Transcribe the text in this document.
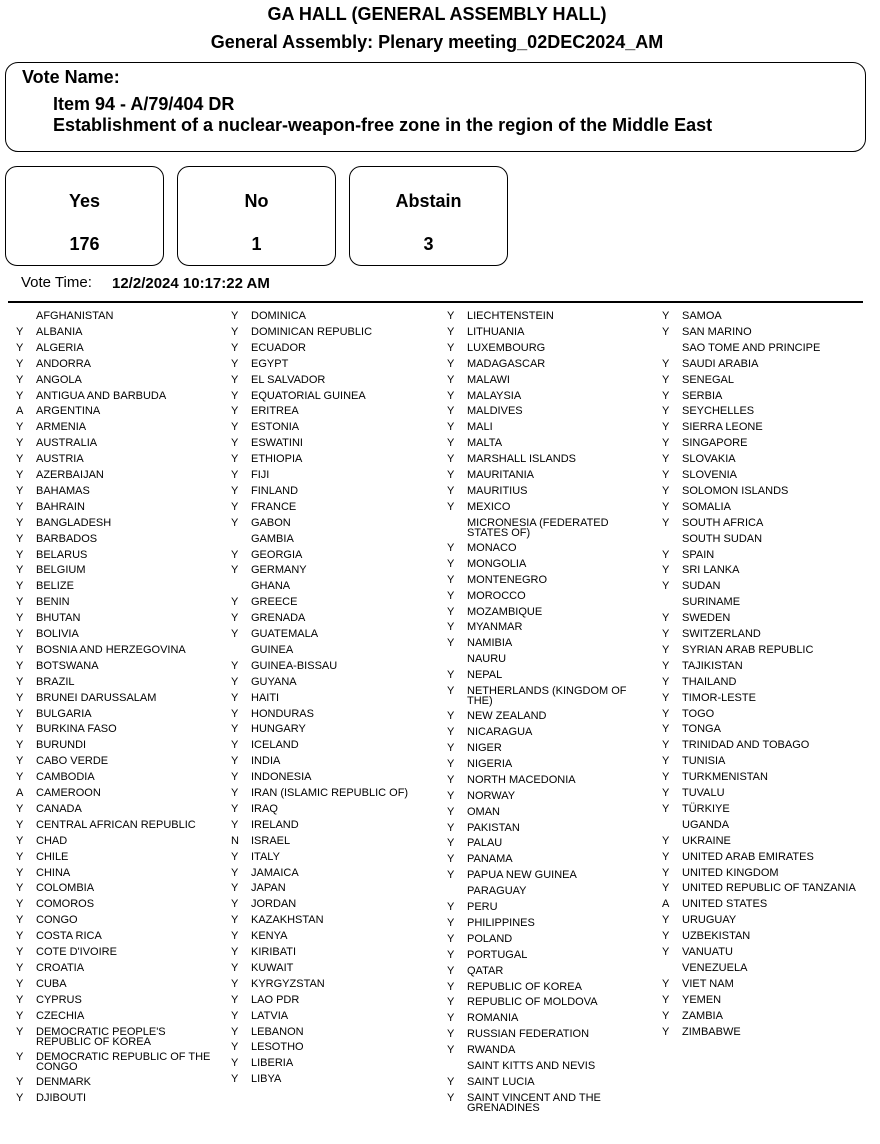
GA HALL (GENERAL ASSEMBLY HALL)
General Assembly: Plenary meeting_02DEC2024_AM
Vote Name:
Item 94 - A/79/404 DR
Establishment of a nuclear-weapon-free zone in the region of the Middle East
Yes
176
No
1
Abstain
3
Vote Time: 12/2/2024 10:17:22 AM
AFGHANISTAN
Y	ALBANIA
Y	ALGERIA
Y	ANDORRA
Y	ANGOLA
Y	ANTIGUA AND BARBUDA
A	ARGENTINA
Y	ARMENIA
Y	AUSTRALIA
Y	AUSTRIA
Y	AZERBAIJAN
Y	BAHAMAS
Y	BAHRAIN
Y	BANGLADESH
Y	BARBADOS
Y	BELARUS
Y	BELGIUM
Y	BELIZE
Y	BENIN
Y	BHUTAN
Y	BOLIVIA
Y	BOSNIA AND HERZEGOVINA
Y	BOTSWANA
Y	BRAZIL
Y	BRUNEI DARUSSALAM
Y	BULGARIA
Y	BURKINA FASO
Y	BURUNDI
Y	CABO VERDE
Y	CAMBODIA
A	CAMEROON
Y	CANADA
Y	CENTRAL AFRICAN REPUBLIC
Y	CHAD
Y	CHILE
Y	CHINA
Y	COLOMBIA
Y	COMOROS
Y	CONGO
Y	COSTA RICA
Y	COTE D'IVOIRE
Y	CROATIA
Y	CUBA
Y	CYPRUS
Y	CZECHIA
Y	DEMOCRATIC PEOPLE'S REPUBLIC OF KOREA
Y	DEMOCRATIC REPUBLIC OF THE CONGO
Y	DENMARK
Y	DJIBOUTI
Y	DOMINICA
Y	DOMINICAN REPUBLIC
Y	ECUADOR
Y	EGYPT
Y	EL SALVADOR
Y	EQUATORIAL GUINEA
Y	ERITREA
Y	ESTONIA
Y	ESWATINI
Y	ETHIOPIA
Y	FIJI
Y	FINLAND
Y	FRANCE
Y	GABON
GAMBIA
Y	GEORGIA
Y	GERMANY
GHANA
Y	GREECE
Y	GRENADA
Y	GUATEMALA
GUINEA
Y	GUINEA-BISSAU
Y	GUYANA
Y	HAITI
Y	HONDURAS
Y	HUNGARY
Y	ICELAND
Y	INDIA
Y	INDONESIA
Y	IRAN (ISLAMIC REPUBLIC OF)
Y	IRAQ
Y	IRELAND
N	ISRAEL
Y	ITALY
Y	JAMAICA
Y	JAPAN
Y	JORDAN
Y	KAZAKHSTAN
Y	KENYA
Y	KIRIBATI
Y	KUWAIT
Y	KYRGYZSTAN
Y	LAO PDR
Y	LATVIA
Y	LEBANON
Y	LESOTHO
Y	LIBERIA
Y	LIBYA
Y	LIECHTENSTEIN
Y	LITHUANIA
Y	LUXEMBOURG
Y	MADAGASCAR
Y	MALAWI
Y	MALAYSIA
Y	MALDIVES
Y	MALI
Y	MALTA
Y	MARSHALL ISLANDS
Y	MAURITANIA
Y	MAURITIUS
Y	MEXICO
MICRONESIA (FEDERATED STATES OF)
Y	MONACO
Y	MONGOLIA
Y	MONTENEGRO
Y	MOROCCO
Y	MOZAMBIQUE
Y	MYANMAR
Y	NAMIBIA
NAURU
Y	NEPAL
Y	NETHERLANDS (KINGDOM OF THE)
Y	NEW ZEALAND
Y	NICARAGUA
Y	NIGER
Y	NIGERIA
Y	NORTH MACEDONIA
Y	NORWAY
Y	OMAN
Y	PAKISTAN
Y	PALAU
Y	PANAMA
Y	PAPUA NEW GUINEA
PARAGUAY
Y	PERU
Y	PHILIPPINES
Y	POLAND
Y	PORTUGAL
Y	QATAR
Y	REPUBLIC OF KOREA
Y	REPUBLIC OF MOLDOVA
Y	ROMANIA
Y	RUSSIAN FEDERATION
Y	RWANDA
SAINT KITTS AND NEVIS
Y	SAINT LUCIA
Y	SAINT VINCENT AND THE GRENADINES
Y	SAMOA
Y	SAN MARINO
SAO TOME AND PRINCIPE
Y	SAUDI ARABIA
Y	SENEGAL
Y	SERBIA
Y	SEYCHELLES
Y	SIERRA LEONE
Y	SINGAPORE
Y	SLOVAKIA
Y	SLOVENIA
Y	SOLOMON ISLANDS
Y	SOMALIA
Y	SOUTH AFRICA
SOUTH SUDAN
Y	SPAIN
Y	SRI LANKA
Y	SUDAN
SURINAME
Y	SWEDEN
Y	SWITZERLAND
Y	SYRIAN ARAB REPUBLIC
Y	TAJIKISTAN
Y	THAILAND
Y	TIMOR-LESTE
Y	TOGO
Y	TONGA
Y	TRINIDAD AND TOBAGO
Y	TUNISIA
Y	TURKMENISTAN
Y	TUVALU
Y	TÜRKIYE
UGANDA
Y	UKRAINE
Y	UNITED ARAB EMIRATES
Y	UNITED KINGDOM
Y	UNITED REPUBLIC OF TANZANIA
A	UNITED STATES
Y	URUGUAY
Y	UZBEKISTAN
Y	VANUATU
VENEZUELA
Y	VIET NAM
Y	YEMEN
Y	ZAMBIA
Y	ZIMBABWE
